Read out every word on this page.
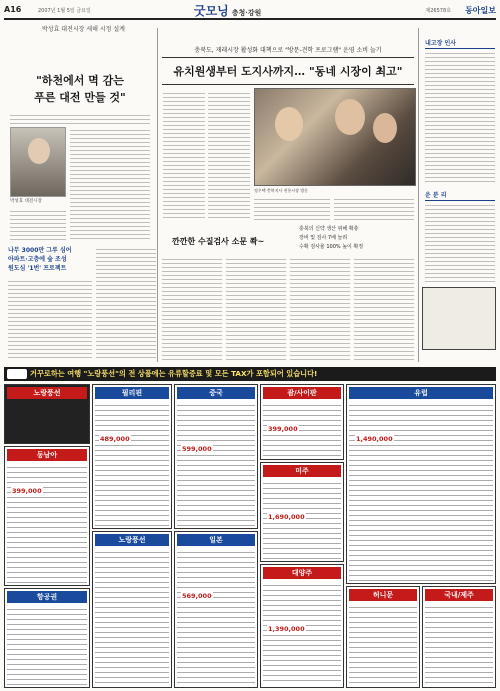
A16	2007년 1월 5일 금요일	굿모닝 충청·강원	제26578호 동아일보
박성효 대전시장 새해 시정 설계
"하천에서 멱 감는
푸른 대전 만들 것"
박성효 대전시장
나무 3000만 그루 심어
아파트·고층에 숲 조성
원도심 '1번' 프로젝트
충북도, 재래시장 활성화 대책으로 "방문-견학 프로그램" 운영 소비 늘기
유치원생부터 도지사까지… "동네 시장이 최고"
정우택 충북지사 전통시장 방문
내고장 인사
운 분 리
깐깐한 수질검사 소문 쫙~
충북의 신약 생산 위해 확충
장비 및 검사 7배 늘려
수확 검사율 100% 높이 확정
거꾸로하는 여행 "노랑풍선"의 전 상품에는 유류할증료 및 모든 TAX가 포함되어 있습니다!
노랑풍선
동남아
399,000
항공권
필리핀
489,000
노랑풍선
중국
599,000
일본
569,000
괌/사이판
399,000
미주
1,690,000
대양주
1,390,000
유럽
1,490,000
허니문	국내/제주
